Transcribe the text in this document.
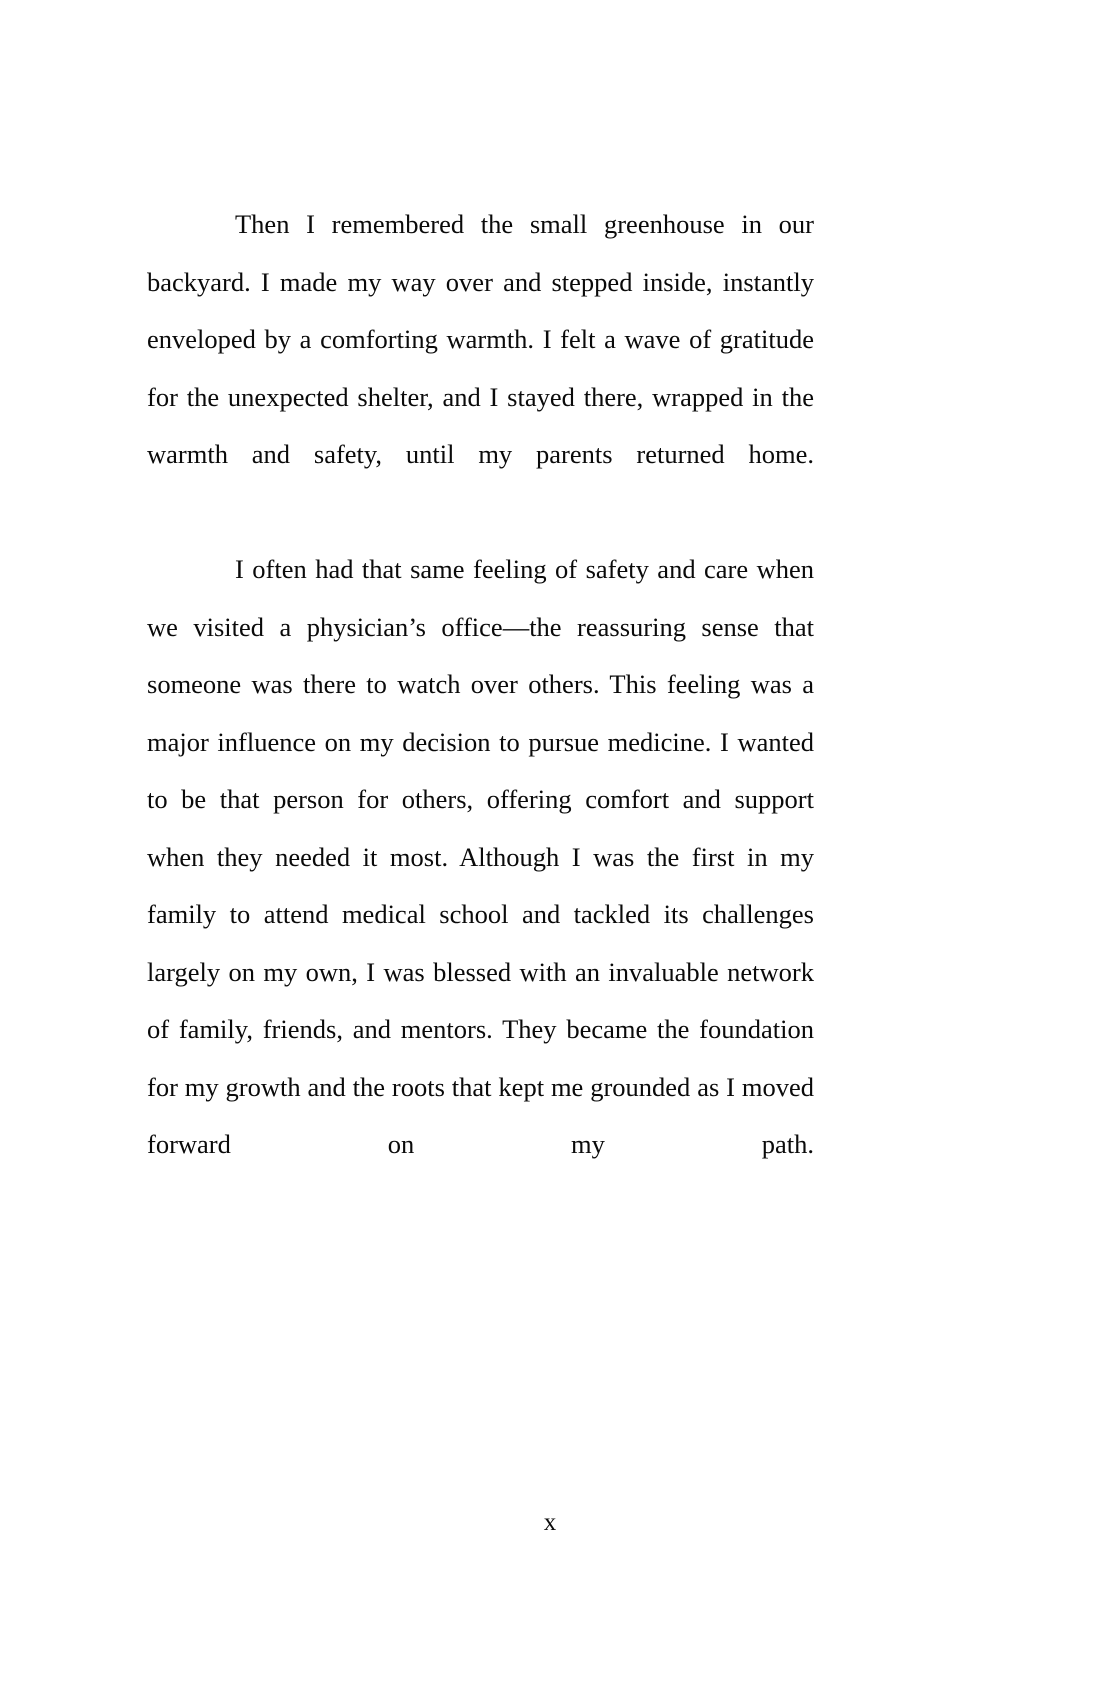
Then I remembered the small greenhouse in our backyard. I made my way over and stepped inside, instantly enveloped by a comforting warmth. I felt a wave of gratitude for the unexpected shelter, and I stayed there, wrapped in the warmth and safety, until my parents returned home.

I often had that same feeling of safety and care when we visited a physician’s office—the reassuring sense that someone was there to watch over others. This feeling was a major influence on my decision to pursue medicine. I wanted to be that person for others, offering comfort and support when they needed it most. Although I was the first in my family to attend medical school and tackled its challenges largely on my own, I was blessed with an invaluable network of family, friends, and mentors. They became the foundation for my growth and the roots that kept me grounded as I moved forward on my path.

x
